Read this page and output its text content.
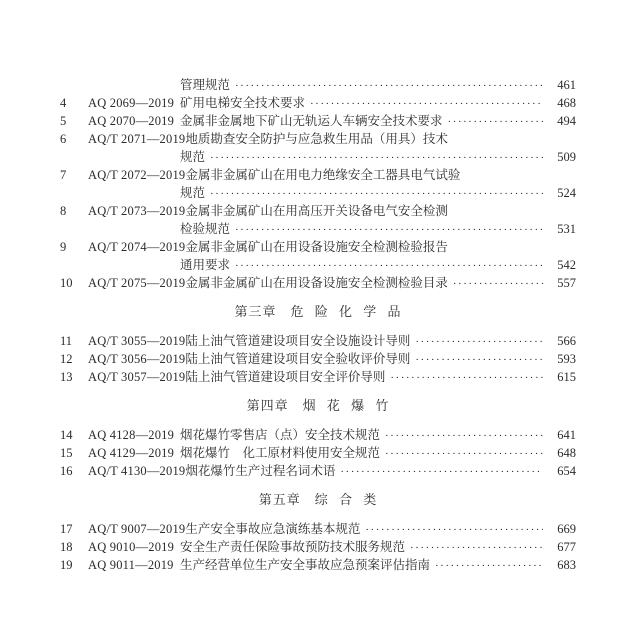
管理规范 ·····	461
4	AQ 2069—2019 矿用电梯安全技术要求 ·····	468
5	AQ 2070—2019 金属非金属地下矿山无轨运人车辆安全技术要求 ·····	494
6	AQ/T 2071—2019 地质勘查安全防护与应急救生用品（用具）技术
规范 ·····	509
7	AQ/T 2072—2019 金属非金属矿山在用电力绝缘安全工器具电气试验
规范 ·····	524
8	AQ/T 2073—2019 金属非金属矿山在用高压开关设备电气安全检测
检验规范 ·····	531
9	AQ/T 2074—2019 金属非金属矿山在用设备设施安全检测检验报告
通用要求 ·····	542
10	AQ/T 2075—2019 金属非金属矿山在用设备设施安全检测检验目录 ·····	557
第三章 危 险 化 学 品
11	AQ/T 3055—2019 陆上油气管道建设项目安全设施设计导则 ·····	566
12	AQ/T 3056—2019 陆上油气管道建设项目安全验收评价导则 ·····	593
13	AQ/T 3057—2019 陆上油气管道建设项目安全评价导则 ·····	615
第四章 烟 花 爆 竹
14	AQ 4128—2019 烟花爆竹零售店（点）安全技术规范 ·····	641
15	AQ 4129—2019 烟花爆竹　化工原材料使用安全规范 ·····	648
16	AQ/T 4130—2019 烟花爆竹生产过程名词术语 ·····	654
第五章 综 合 类
17	AQ/T 9007—2019 生产安全事故应急演练基本规范 ·····	669
18	AQ 9010—2019 安全生产责任保险事故预防技术服务规范 ·····	677
19	AQ 9011—2019 生产经营单位生产安全事故应急预案评估指南 ·····	683
